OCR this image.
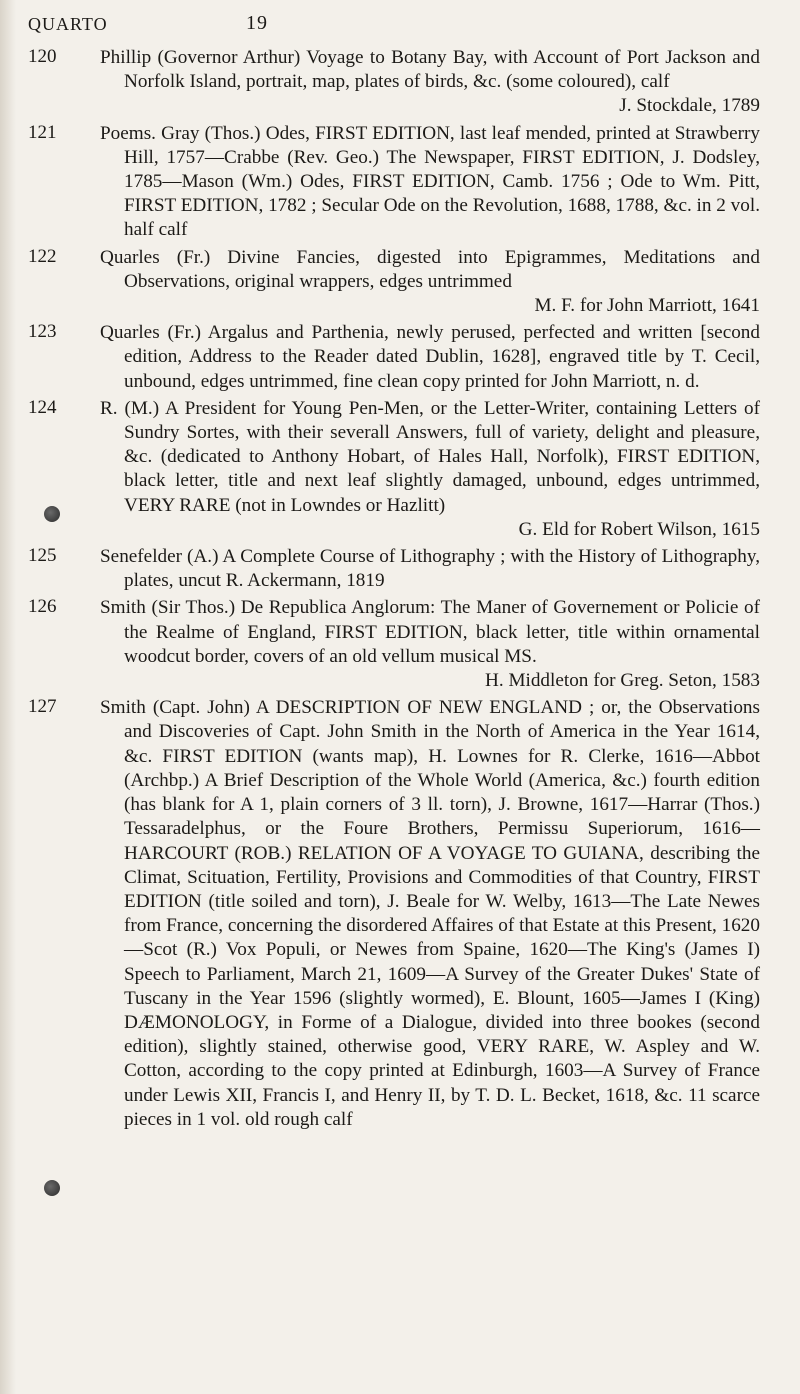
QUARTO	19
120	Phillip (Governor Arthur) Voyage to Botany Bay, with Account of Port Jackson and Norfolk Island, portrait, map, plates of birds, &c. (some coloured), calf
J. Stockdale, 1789
121	Poems. Gray (Thos.) Odes, FIRST EDITION, last leaf mended, printed at Strawberry Hill, 1757—Crabbe (Rev. Geo.) The Newspaper, FIRST EDITION, J. Dodsley, 1785—Mason (Wm.) Odes, FIRST EDITION, Camb. 1756 ; Ode to Wm. Pitt, FIRST EDITION, 1782 ; Secular Ode on the Revolution, 1688, 1788, &c. in 2 vol. half calf
122	Quarles (Fr.) Divine Fancies, digested into Epigrammes, Meditations and Observations, original wrappers, edges untrimmed
M. F. for John Marriott, 1641
123	Quarles (Fr.) Argalus and Parthenia, newly perused, perfected and written [second edition, Address to the Reader dated Dublin, 1628], engraved title by T. Cecil, unbound, edges untrimmed, fine clean copy printed for John Marriott, n. d.
124	R. (M.) A President for Young Pen-Men, or the Letter-Writer, containing Letters of Sundry Sortes, with their severall Answers, full of variety, delight and pleasure, &c. (dedicated to Anthony Hobart, of Hales Hall, Norfolk), FIRST EDITION, black letter, title and next leaf slightly damaged, unbound, edges untrimmed, VERY RARE (not in Lowndes or Hazlitt)
G. Eld for Robert Wilson, 1615
125	Senefelder (A.) A Complete Course of Lithography ; with the History of Lithography, plates, uncut R. Ackermann, 1819
126	Smith (Sir Thos.) De Republica Anglorum: The Maner of Governement or Policie of the Realme of England, FIRST EDITION, black letter, title within ornamental woodcut border, covers of an old vellum musical MS.
H. Middleton for Greg. Seton, 1583
127	Smith (Capt. John) A DESCRIPTION OF NEW ENGLAND ; or, the Observations and Discoveries of Capt. John Smith in the North of America in the Year 1614, &c. FIRST EDITION (wants map), H. Lownes for R. Clerke, 1616—Abbot (Archbp.) A Brief Description of the Whole World (America, &c.) fourth edition (has blank for A 1, plain corners of 3 ll. torn), J. Browne, 1617—Harrar (Thos.) Tessaradelphus, or the Foure Brothers, Permissu Superiorum, 1616—HARCOURT (ROB.) RELATION OF A VOYAGE TO GUIANA, describing the Climat, Scituation, Fertility, Provisions and Commodities of that Country, FIRST EDITION (title soiled and torn), J. Beale for W. Welby, 1613—The Late Newes from France, concerning the disordered Affaires of that Estate at this Present, 1620—Scot (R.) Vox Populi, or Newes from Spaine, 1620—The King's (James I) Speech to Parliament, March 21, 1609—A Survey of the Greater Dukes' State of Tuscany in the Year 1596 (slightly wormed), E. Blount, 1605—James I (King) DÆMONOLOGY, in Forme of a Dialogue, divided into three bookes (second edition), slightly stained, otherwise good, VERY RARE, W. Aspley and W. Cotton, according to the copy printed at Edinburgh, 1603—A Survey of France under Lewis XII, Francis I, and Henry II, by T. D. L. Becket, 1618, &c. 11 scarce pieces in 1 vol. old rough calf
